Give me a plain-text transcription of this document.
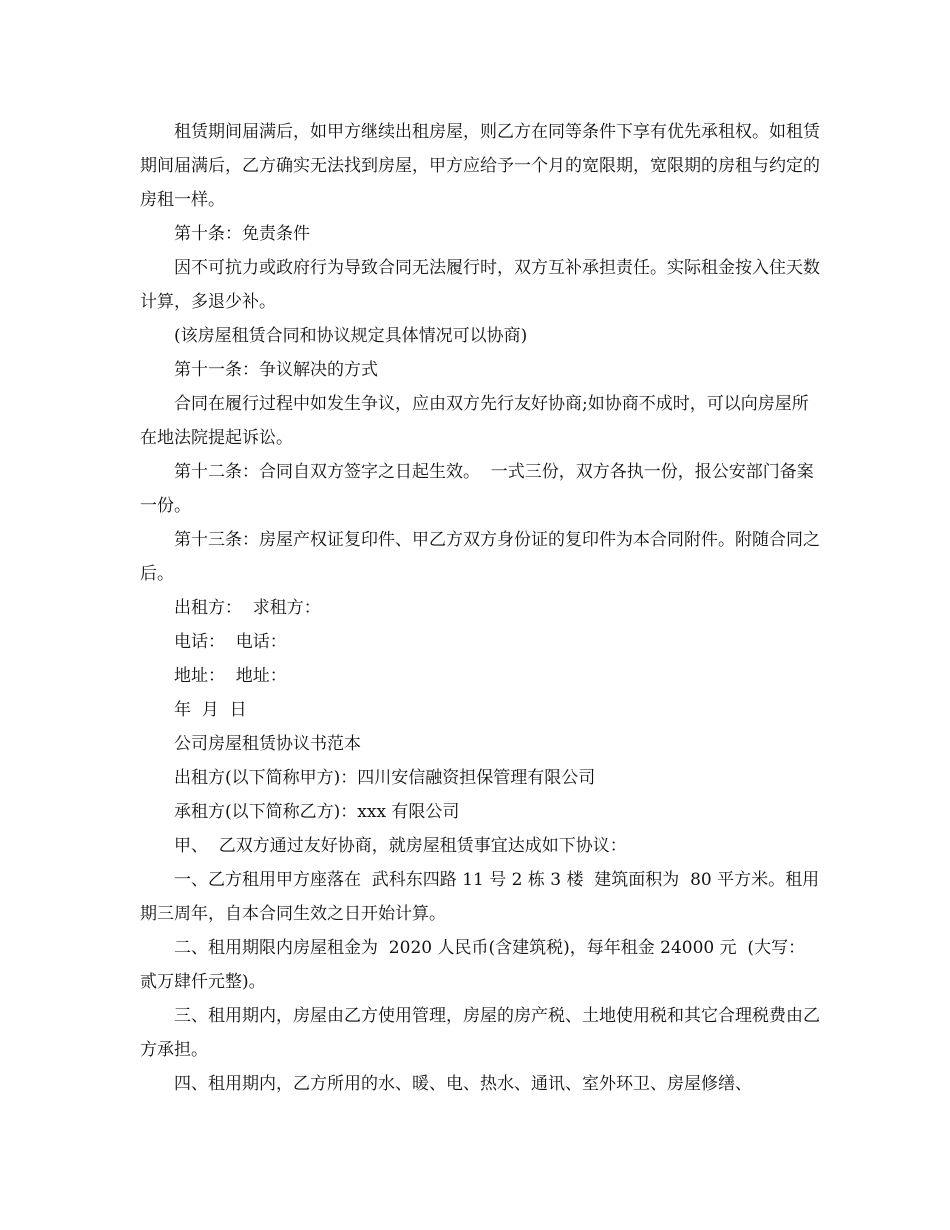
租赁期间届满后，如甲方继续出租房屋，则乙方在同等条件下享有优先承租权。如租赁期间届满后，乙方确实无法找到房屋，甲方应给予一个月的宽限期，宽限期的房租与约定的房租一样。

第十条：免责条件

因不可抗力或政府行为导致合同无法履行时，双方互补承担责任。实际租金按入住天数计算，多退少补。

(该房屋租赁合同和协议规定具体情况可以协商)

第十一条：争议解决的方式

合同在履行过程中如发生争议，应由双方先行友好协商;如协商不成时，可以向房屋所在地法院提起诉讼。

第十二条：合同自双方签字之日起生效。  一式三份，双方各执一份，报公安部门备案一份。

第十三条：房屋产权证复印件、甲乙方双方身份证的复印件为本合同附件。附随合同之后。

出租方：  求租方：

电话：  电话：

地址：  地址：

年  月  日

公司房屋租赁协议书范本

出租方(以下简称甲方)：四川安信融资担保管理有限公司

承租方(以下简称乙方)：xxx 有限公司

甲、  乙双方通过友好协商，就房屋租赁事宜达成如下协议：

一、乙方租用甲方座落在  武科东四路 11 号 2 栋 3 楼  建筑面积为  80 平方米。租用期三周年，自本合同生效之日开始计算。

二、租用期限内房屋租金为  2020 人民币(含建筑税)，每年租金 24000 元  (大写：贰万肆仟元整)。

三、租用期内，房屋由乙方使用管理，房屋的房产税、土地使用税和其它合理税费由乙方承担。

四、租用期内，乙方所用的水、暖、电、热水、通讯、室外环卫、房屋修缮、
